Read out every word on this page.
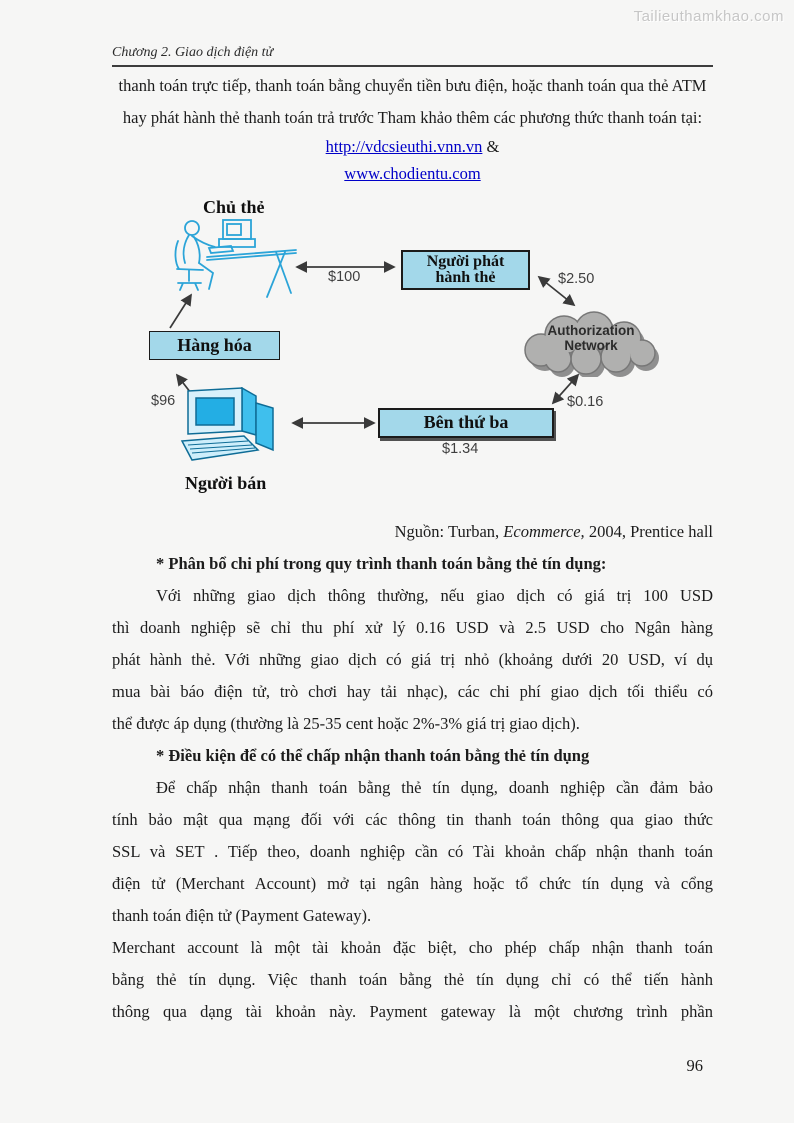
Tailieuthamkhao.com
Chương 2. Giao dịch điện tử
thanh toán trực tiếp, thanh toán bằng chuyển tiền bưu điện, hoặc thanh toán qua thẻ ATM
hay phát hành thẻ thanh toán trả trước Tham khảo thêm các phương thức thanh toán tại:
http://vdcsieuthi.vnn.vn &
www.chodientu.com
Chủ thẻ
Người phát
hành thẻ
$100	$2.50
Authorization
Network
Hàng hóa
$96
Người bán
Bên thứ ba
$1.34
$0.16
Nguồn: Turban, Ecommerce, 2004, Prentice hall
* Phân bổ chi phí trong quy trình thanh toán bằng thẻ tín dụng:
Với những giao dịch thông thường, nếu giao dịch có giá trị 100 USD
thì doanh nghiệp sẽ chỉ thu phí xử lý 0.16 USD và 2.5 USD cho Ngân hàng
phát hành thẻ. Với những giao dịch có giá trị nhỏ (khoảng dưới 20 USD, ví dụ
mua bài báo điện tử, trò chơi hay tải nhạc), các chi phí giao dịch tối thiểu có
thể được áp dụng (thường là 25-35 cent hoặc 2%-3% giá trị giao dịch).
* Điều kiện để có thể chấp nhận thanh toán bằng thẻ tín dụng
Để chấp nhận thanh toán bằng thẻ tín dụng, doanh nghiệp cần đảm bảo
tính bảo mật qua mạng đối với các thông tin thanh toán thông qua giao thức
SSL và SET . Tiếp theo, doanh nghiệp cần có Tài khoản chấp nhận thanh toán
điện tử (Merchant Account) mở tại ngân hàng hoặc tổ chức tín dụng và cổng
thanh toán điện tử (Payment Gateway).
Merchant account là một tài khoản đặc biệt, cho phép chấp nhận thanh toán
bằng thẻ tín dụng. Việc thanh toán bằng thẻ tín dụng chỉ có thể tiến hành
thông qua dạng tài khoản này. Payment gateway là một chương trình phần
96
